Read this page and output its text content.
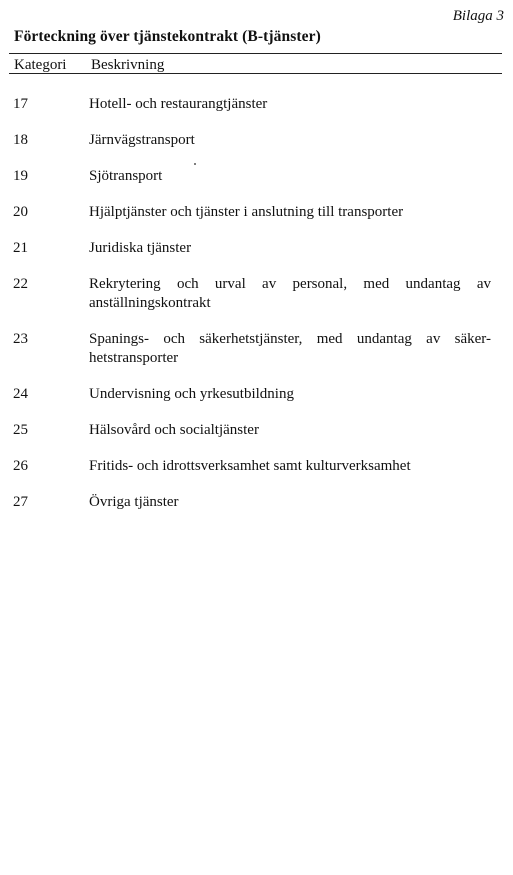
Bilaga 3
Förteckning över tjänstekontrakt (B-tjänster)
Kategori Beskrivning
17	Hotell- och restaurangtjänster
18	Järnvägstransport
19	Sjötransport
20	Hjälptjänster och tjänster i anslutning till transporter
21	Juridiska tjänster
22	Rekrytering och urval av personal, med undantag av anställningskontrakt
23	Spanings- och säkerhetstjänster, med undantag av säker-hetstransporter
24	Undervisning och yrkesutbildning
25	Hälsovård och socialtjänster
26	Fritids- och idrottsverksamhet samt kulturverksamhet
27	Övriga tjänster
